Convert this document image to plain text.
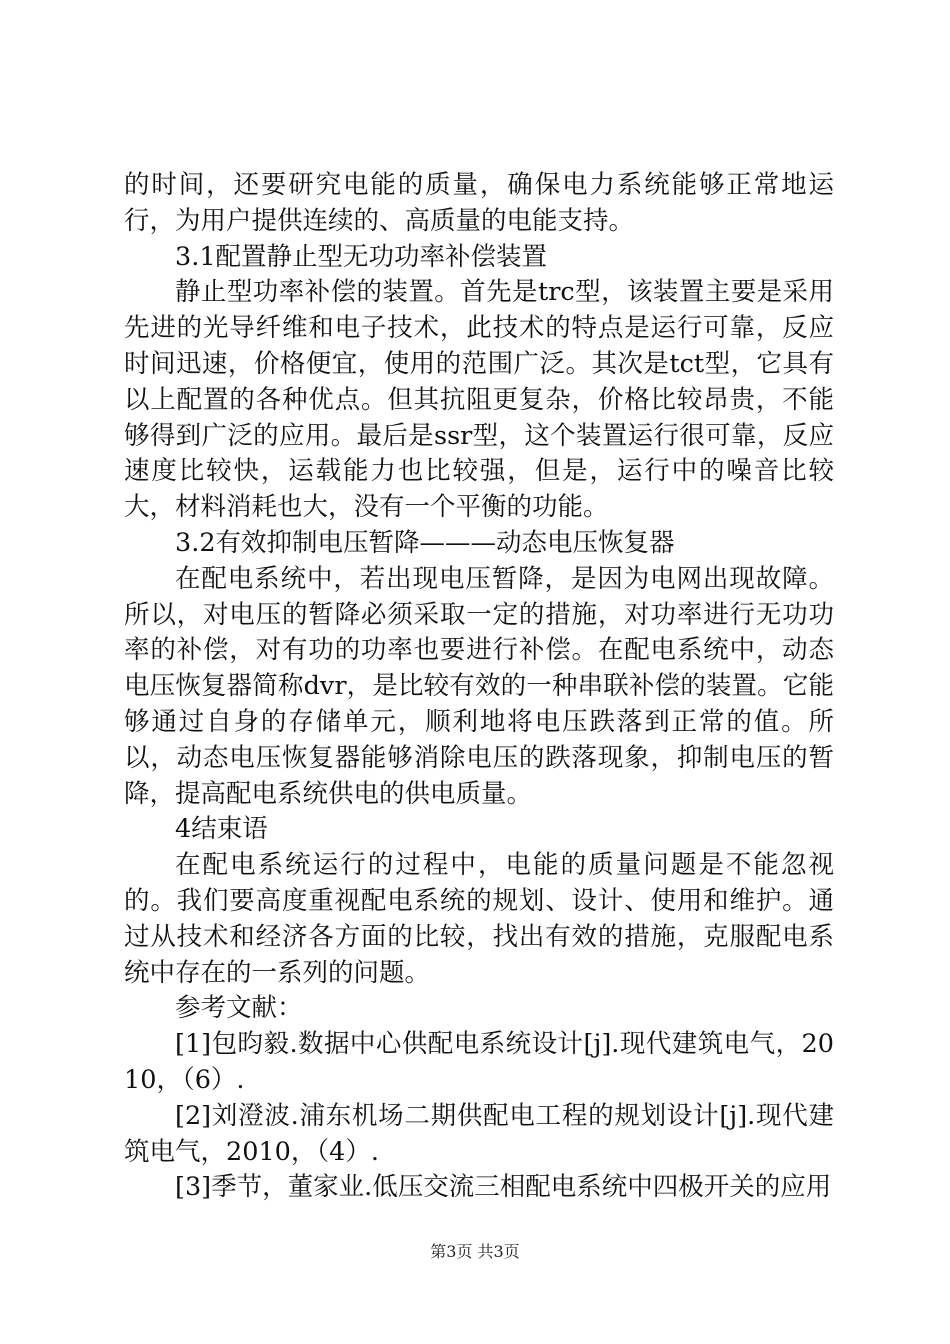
的时间，还要研究电能的质量，确保电力系统能够正常地运行，为用户提供连续的、高质量的电能支持。

3.1配置静止型无功功率补偿装置

静止型功率补偿的装置。首先是trc型，该装置主要是采用先进的光导纤维和电子技术，此技术的特点是运行可靠，反应时间迅速，价格便宜，使用的范围广泛。其次是tct型，它具有以上配置的各种优点。但其抗阻更复杂，价格比较昂贵，不能够得到广泛的应用。最后是ssr型，这个装置运行很可靠，反应速度比较快，运载能力也比较强，但是，运行中的噪音比较大，材料消耗也大，没有一个平衡的功能。

3.2有效抑制电压暂降———动态电压恢复器

在配电系统中，若出现电压暂降，是因为电网出现故障。所以，对电压的暂降必须采取一定的措施，对功率进行无功功率的补偿，对有功的功率也要进行补偿。在配电系统中，动态电压恢复器简称dvr，是比较有效的一种串联补偿的装置。它能够通过自身的存储单元，顺利地将电压跌落到正常的值。所以，动态电压恢复器能够消除电压的跌落现象，抑制电压的暂降，提高配电系统供电的供电质量。

4结束语

在配电系统运行的过程中，电能的质量问题是不能忽视的。我们要高度重视配电系统的规划、设计、使用和维护。通过从技术和经济各方面的比较，找出有效的措施，克服配电系统中存在的一系列的问题。

参考文献：

[1]包昀毅.数据中心供配电系统设计[j].现代建筑电气，2010，（6）.

[2]刘澄波.浦东机场二期供配电工程的规划设计[j].现代建筑电气，2010，（4）.

[3]季节，董家业.低压交流三相配电系统中四极开关的应用

第3页 共3页
